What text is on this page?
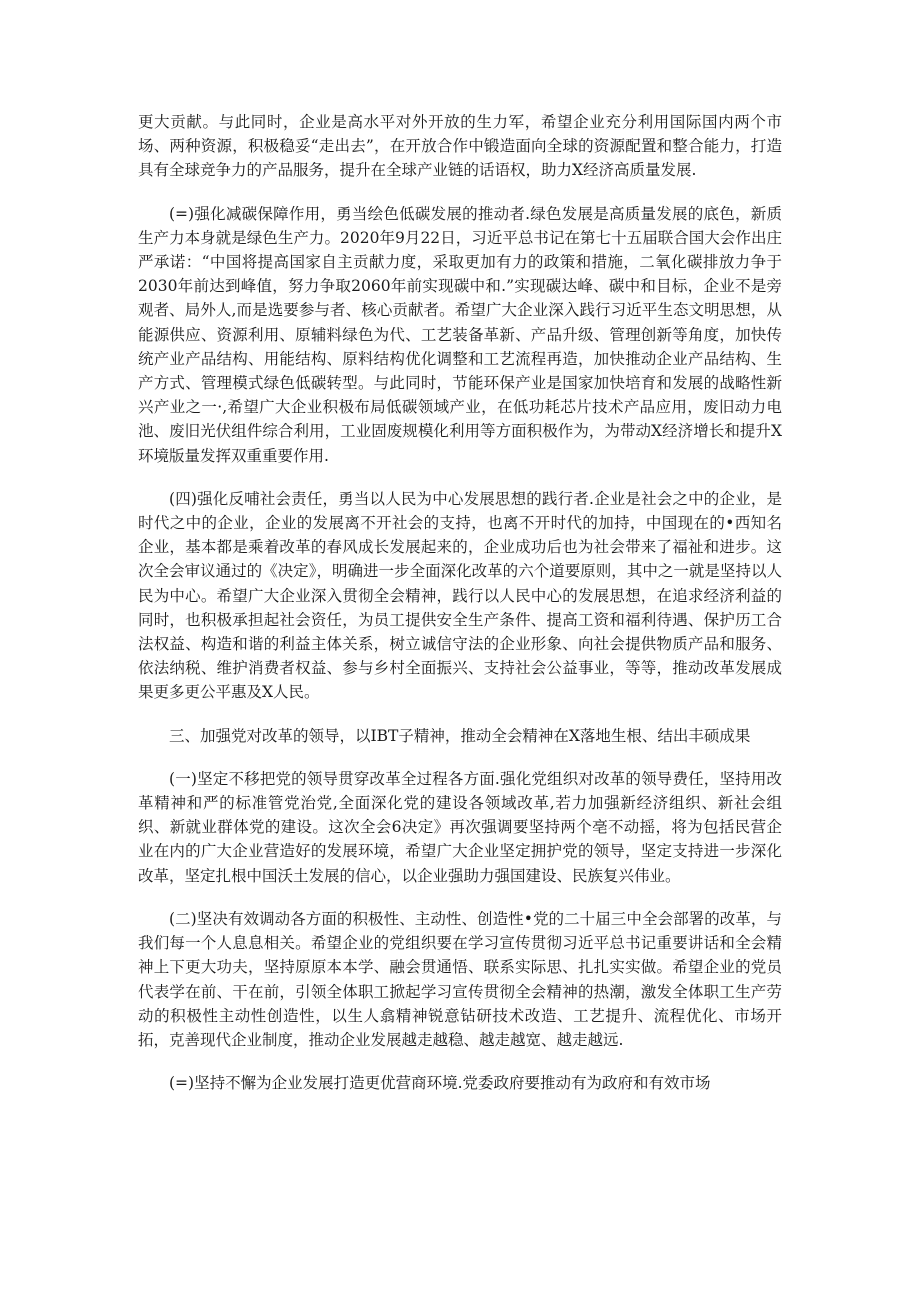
更大贡献。与此同时，企业是高水平对外开放的生力军，希望企业充分利用国际国内两个市场、两种资源，积极稳妥“走出去”，在开放合作中锻造面向全球的资源配置和整合能力，打造具有全球竞争力的产品服务，提升在全球产业链的话语权，助力X经济高质量发展.

(=)强化减碳保障作用，勇当绘色低碳发展的推动者.绿色发展是高质量发展的底色，新质生产力本身就是绿色生产力。2020年9月22日，习近平总书记在第七十五届联合国大会作出庄严承诺：“中国将提高国家自主贡献力度，采取更加有力的政策和措施，二氧化碳排放力争于2030年前达到峰值，努力争取2060年前实现碳中和.”实现碳达峰、碳中和目标，企业不是旁观者、局外人,而是选要参与者、核心贡献者。希望广大企业深入践行习近平生态文明思想，从能源供应、资源利用、原辅料绿色为代、工艺装备革新、产品升级、管理创新等角度，加快传统产业产品结构、用能结构、原料结构优化调整和工艺流程再造，加快推动企业产品结构、生产方式、管理模式绿色低碳转型。与此同时，节能环保产业是国家加快培育和发展的战略性新兴产业之一·,希望广大企业积极布局低碳领域产业，在低功耗芯片技术产品应用，废旧动力电池、废旧光伏组件综合利用，工业固废规模化利用等方面积极作为，为带动X经济增长和提升X环境版量发挥双重重要作用.

(四)强化反哺社会责任，勇当以人民为中心发展思想的践行者.企业是社会之中的企业，是时代之中的企业，企业的发展离不开社会的支持，也离不开时代的加持，中国现在的•西知名企业，基本都是乘着改革的春风成长发展起来的，企业成功后也为社会带来了福祉和进步。这次全会审议通过的《决定》，明确进一步全面深化改革的六个道要原则，其中之一就是坚持以人民为中心。希望广大企业深入贯彻全会精神，践行以人民中心的发展思想，在追求经济利益的同时，也积极承担起社会资任，为员工提供安全生产条件、提高工资和福利待遇、保护历工合法权益、构造和谐的利益主体关系，树立诚信守法的企业形象、向社会提供物质产品和服务、依法纳税、维护消费者权益、参与乡村全面振兴、支持社会公益事业，等等，推动改革发展成果更多更公平惠及X人民。

三、加强党对改革的领导，以IBT子精神，推动全会精神在X落地生根、结出丰硕成果

(一)坚定不移把党的领导贯穿改革全过程各方面.强化党组织对改革的领导费任，坚持用改革精神和严的标准管党治党,全面深化党的建设各领域改革,若力加强新经济组织、新社会组织、新就业群体党的建设。这次全会6决定》再次强调要坚持两个亳不动摇，将为包括民营企业在内的广大企业营造好的发展环境，希望广大企业坚定拥护党的领导，坚定支持进一步深化改革，坚定扎根中国沃土发展的信心，以企业强助力强国建设、民族复兴伟业。

(二)坚决有效调动各方面的积极性、主动性、创造性•党的二十届三中全会部署的改革，与我们每一个人息息相关。希望企业的党组织要在学习宣传贯彻习近平总书记重要讲话和全会精神上下更大功夫，坚持原原本本学、融会贯通悟、联系实际思、扎扎实实做。希望企业的党员代表学在前、干在前，引领全体职工掀起学习宣传贯彻全会精神的热潮，激发全体职工生产劳动的积极性主动性创造性，以生人翕精神锐意钻研技术改造、工艺提升、流程优化、市场开拓，克善现代企业制度，推动企业发展越走越稳、越走越宽、越走越远.

(=)坚持不懈为企业发展打造更优营商环境.党委政府要推动有为政府和有效市场
